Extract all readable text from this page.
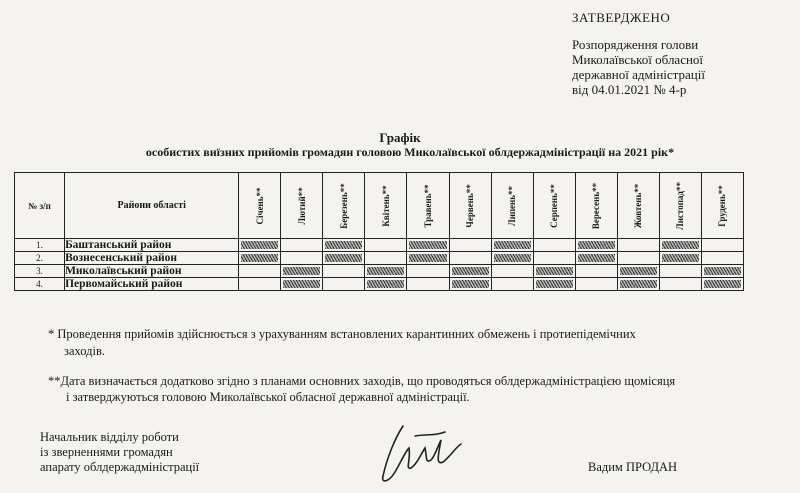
ЗАТВЕРДЖЕНО
Розпорядження голови
Миколаївської обласної
державної адміністрації
від 04.01.2021 № 4-р
Графік
особистих виїзних прийомів громадян головою Миколаївської облдержадміністрації на 2021 рік*
№ з/п	Райони області	Січень**	Лютий**	Березень**	Квітень**	Травень**	Червень**	Липень**	Серпень**	Вересень**	Жовтень**	Листопад**	Грудень**

1.	Баштанський район	

2.	Вознесенський район	

3.	Миколаївський район		

4.	Первомайський район		

* Проведення прийомів здійснюється з урахуванням встановлених карантинних обмежень і протиепідемічних
заходів.
**Дата визначається додатково згідно з планами основних заходів, що проводяться облдержадміністрацією щомісяця
і затверджуються головою Миколаївської обласної державної адміністрації.
Начальник відділу роботи
із зверненнями громадян
апарату облдержадміністрації	Вадим ПРОДАН
